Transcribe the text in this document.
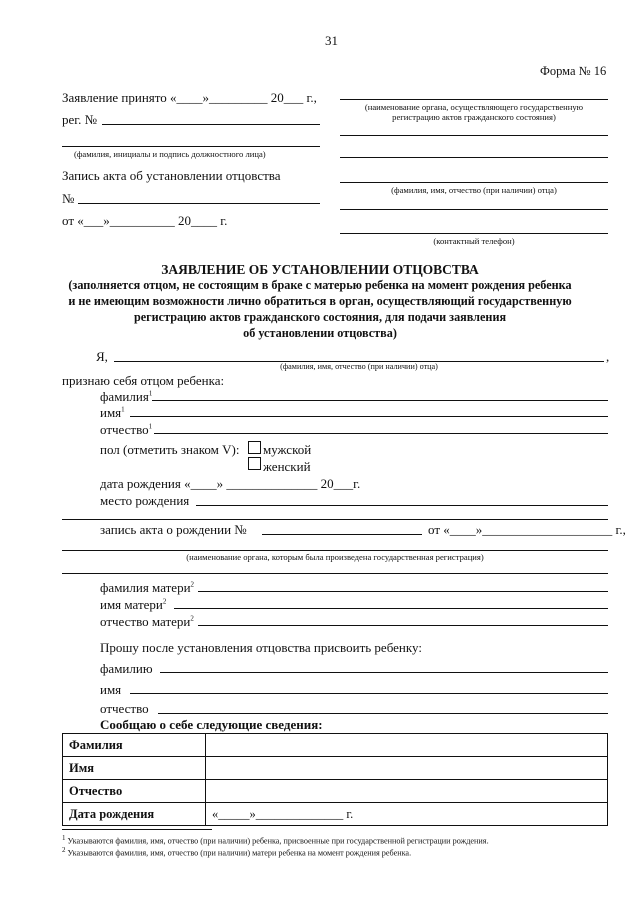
31
Форма № 16
Заявление принято «____»_________ 20___ г.,
рег. №
(фамилия, инициалы и подпись должностного лица)
Запись акта об установлении отцовства
№
от «___»__________ 20____ г.
(наименование органа, осуществляющего государственную
регистрацию актов гражданского состояния)
(фамилия, имя, отчество (при наличии) отца)
(контактный телефон)
ЗАЯВЛЕНИЕ ОБ УСТАНОВЛЕНИИ ОТЦОВСТВА
(заполняется отцом, не состоящим в браке с матерью ребенка на момент рождения ребенка
и не имеющим возможности лично обратиться в орган, осуществляющий государственную
регистрацию актов гражданского состояния, для подачи заявления
об установлении отцовства)
Я,	,
(фамилия, имя, отчество (при наличии) отца)
признаю себя отцом ребенка:
фамилия$^1$
имя$^1$
отчество$^1$
пол (отметить знаком V): мужской
женский
дата рождения «____» ______________ 20___г.
место рождения
запись акта о рождении №	от «____»____________________ г.,
(наименование органа, которым была произведена государственная регистрация)
фамилия матери$^2$
имя матери$^2$
отчество матери$^2$
Прошу после установления отцовства присвоить ребенку:
фамилию
имя
отчество
Сообщаю о себе следующие сведения:
Фамилия	
Имя	
Отчество	
Дата рождения	«_____»______________ г.
$^1$ Указываются фамилия, имя, отчество (при наличии) ребенка, присвоенные при государственной регистрации рождения.
$^2$ Указываются фамилия, имя, отчество (при наличии) матери ребенка на момент рождения ребенка.
